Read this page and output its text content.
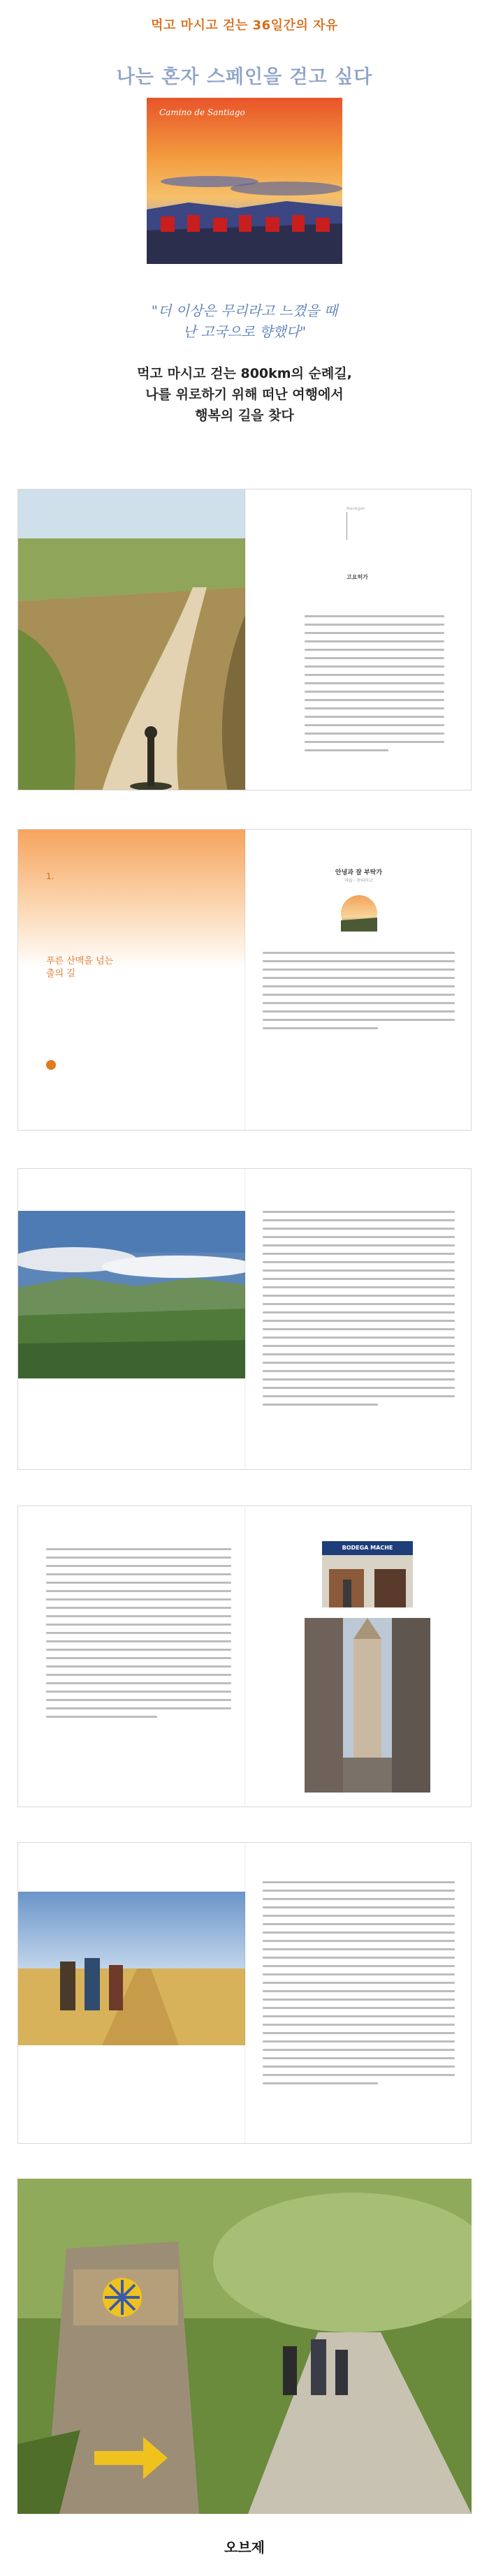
먹고 마시고 걷는 36일간의 자유
나는 혼자 스페인을 걷고 싶다
Camino de Santiago
"더 이상은 무리라고 느꼈을 때
난 고국으로 향했다"
먹고 마시고 걷는 800km의 순례길,
나를 위로하기 위해 떠난 여행에서
행복의 길을 찾다
Navegan
고요히가
1.
푸른 산맥을 넘는
출의 길
안녕과 잘 부탁가
마을 · 산티아고
BODEGA MACHE
오브제
